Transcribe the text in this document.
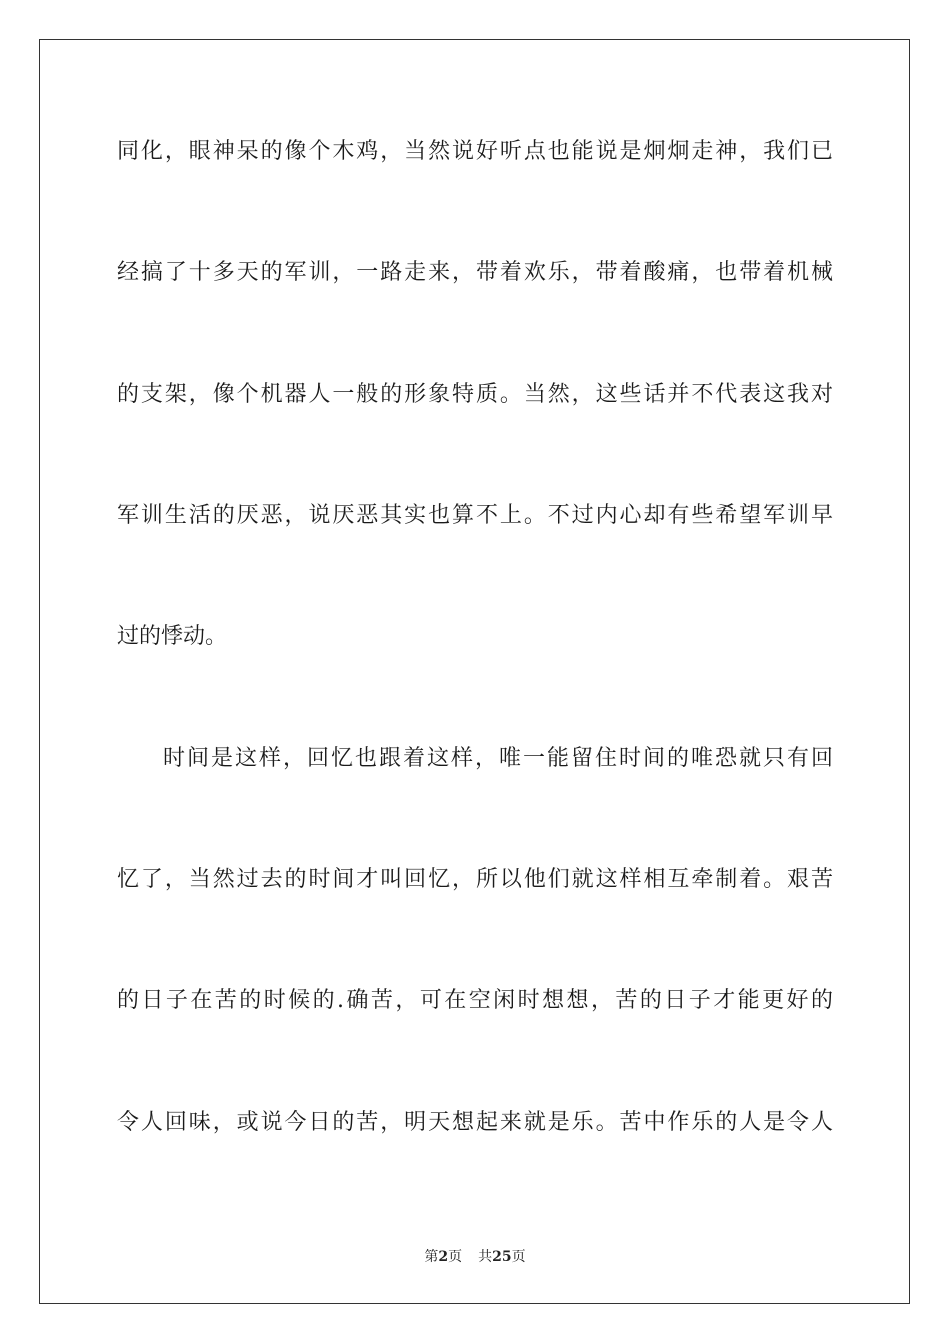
同化，眼神呆的像个木鸡，当然说好听点也能说是炯炯走神，我们已
经搞了十多天的军训，一路走来，带着欢乐，带着酸痛，也带着机械
的支架，像个机器人一般的形象特质。当然，这些话并不代表这我对
军训生活的厌恶，说厌恶其实也算不上。不过内心却有些希望军训早
过的悸动。
时间是这样，回忆也跟着这样，唯一能留住时间的唯恐就只有回
忆了，当然过去的时间才叫回忆，所以他们就这样相互牵制着。艰苦
的日子在苦的时候的.确苦，可在空闲时想想，苦的日子才能更好的
令人回味，或说今日的苦，明天想起来就是乐。苦中作乐的人是令人
第2页 共25页
